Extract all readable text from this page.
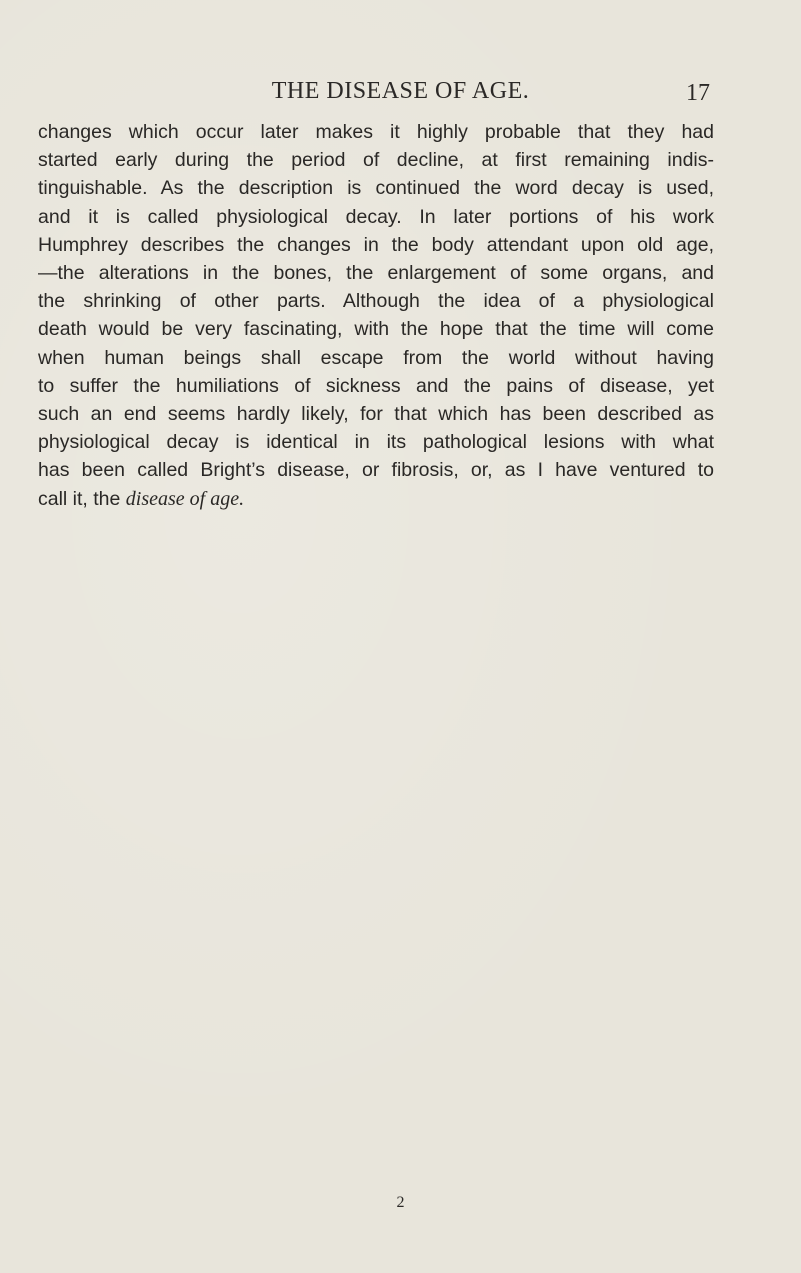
THE DISEASE OF AGE.	17
changes which occur later makes it highly probable that they had
started early during the period of decline, at first remaining indis-
tinguishable. As the description is continued the word decay is used,
and it is called physiological decay. In later portions of his work
Humphrey describes the changes in the body attendant upon old age,
—the alterations in the bones, the enlargement of some organs, and
the shrinking of other parts. Although the idea of a physiological
death would be very fascinating, with the hope that the time will come
when human beings shall escape from the world without having
to suffer the humiliations of sickness and the pains of disease, yet
such an end seems hardly likely, for that which has been described as
physiological decay is identical in its pathological lesions with what
has been called Bright’s disease, or fibrosis, or, as I have ventured to
call it, the disease of age.
2
